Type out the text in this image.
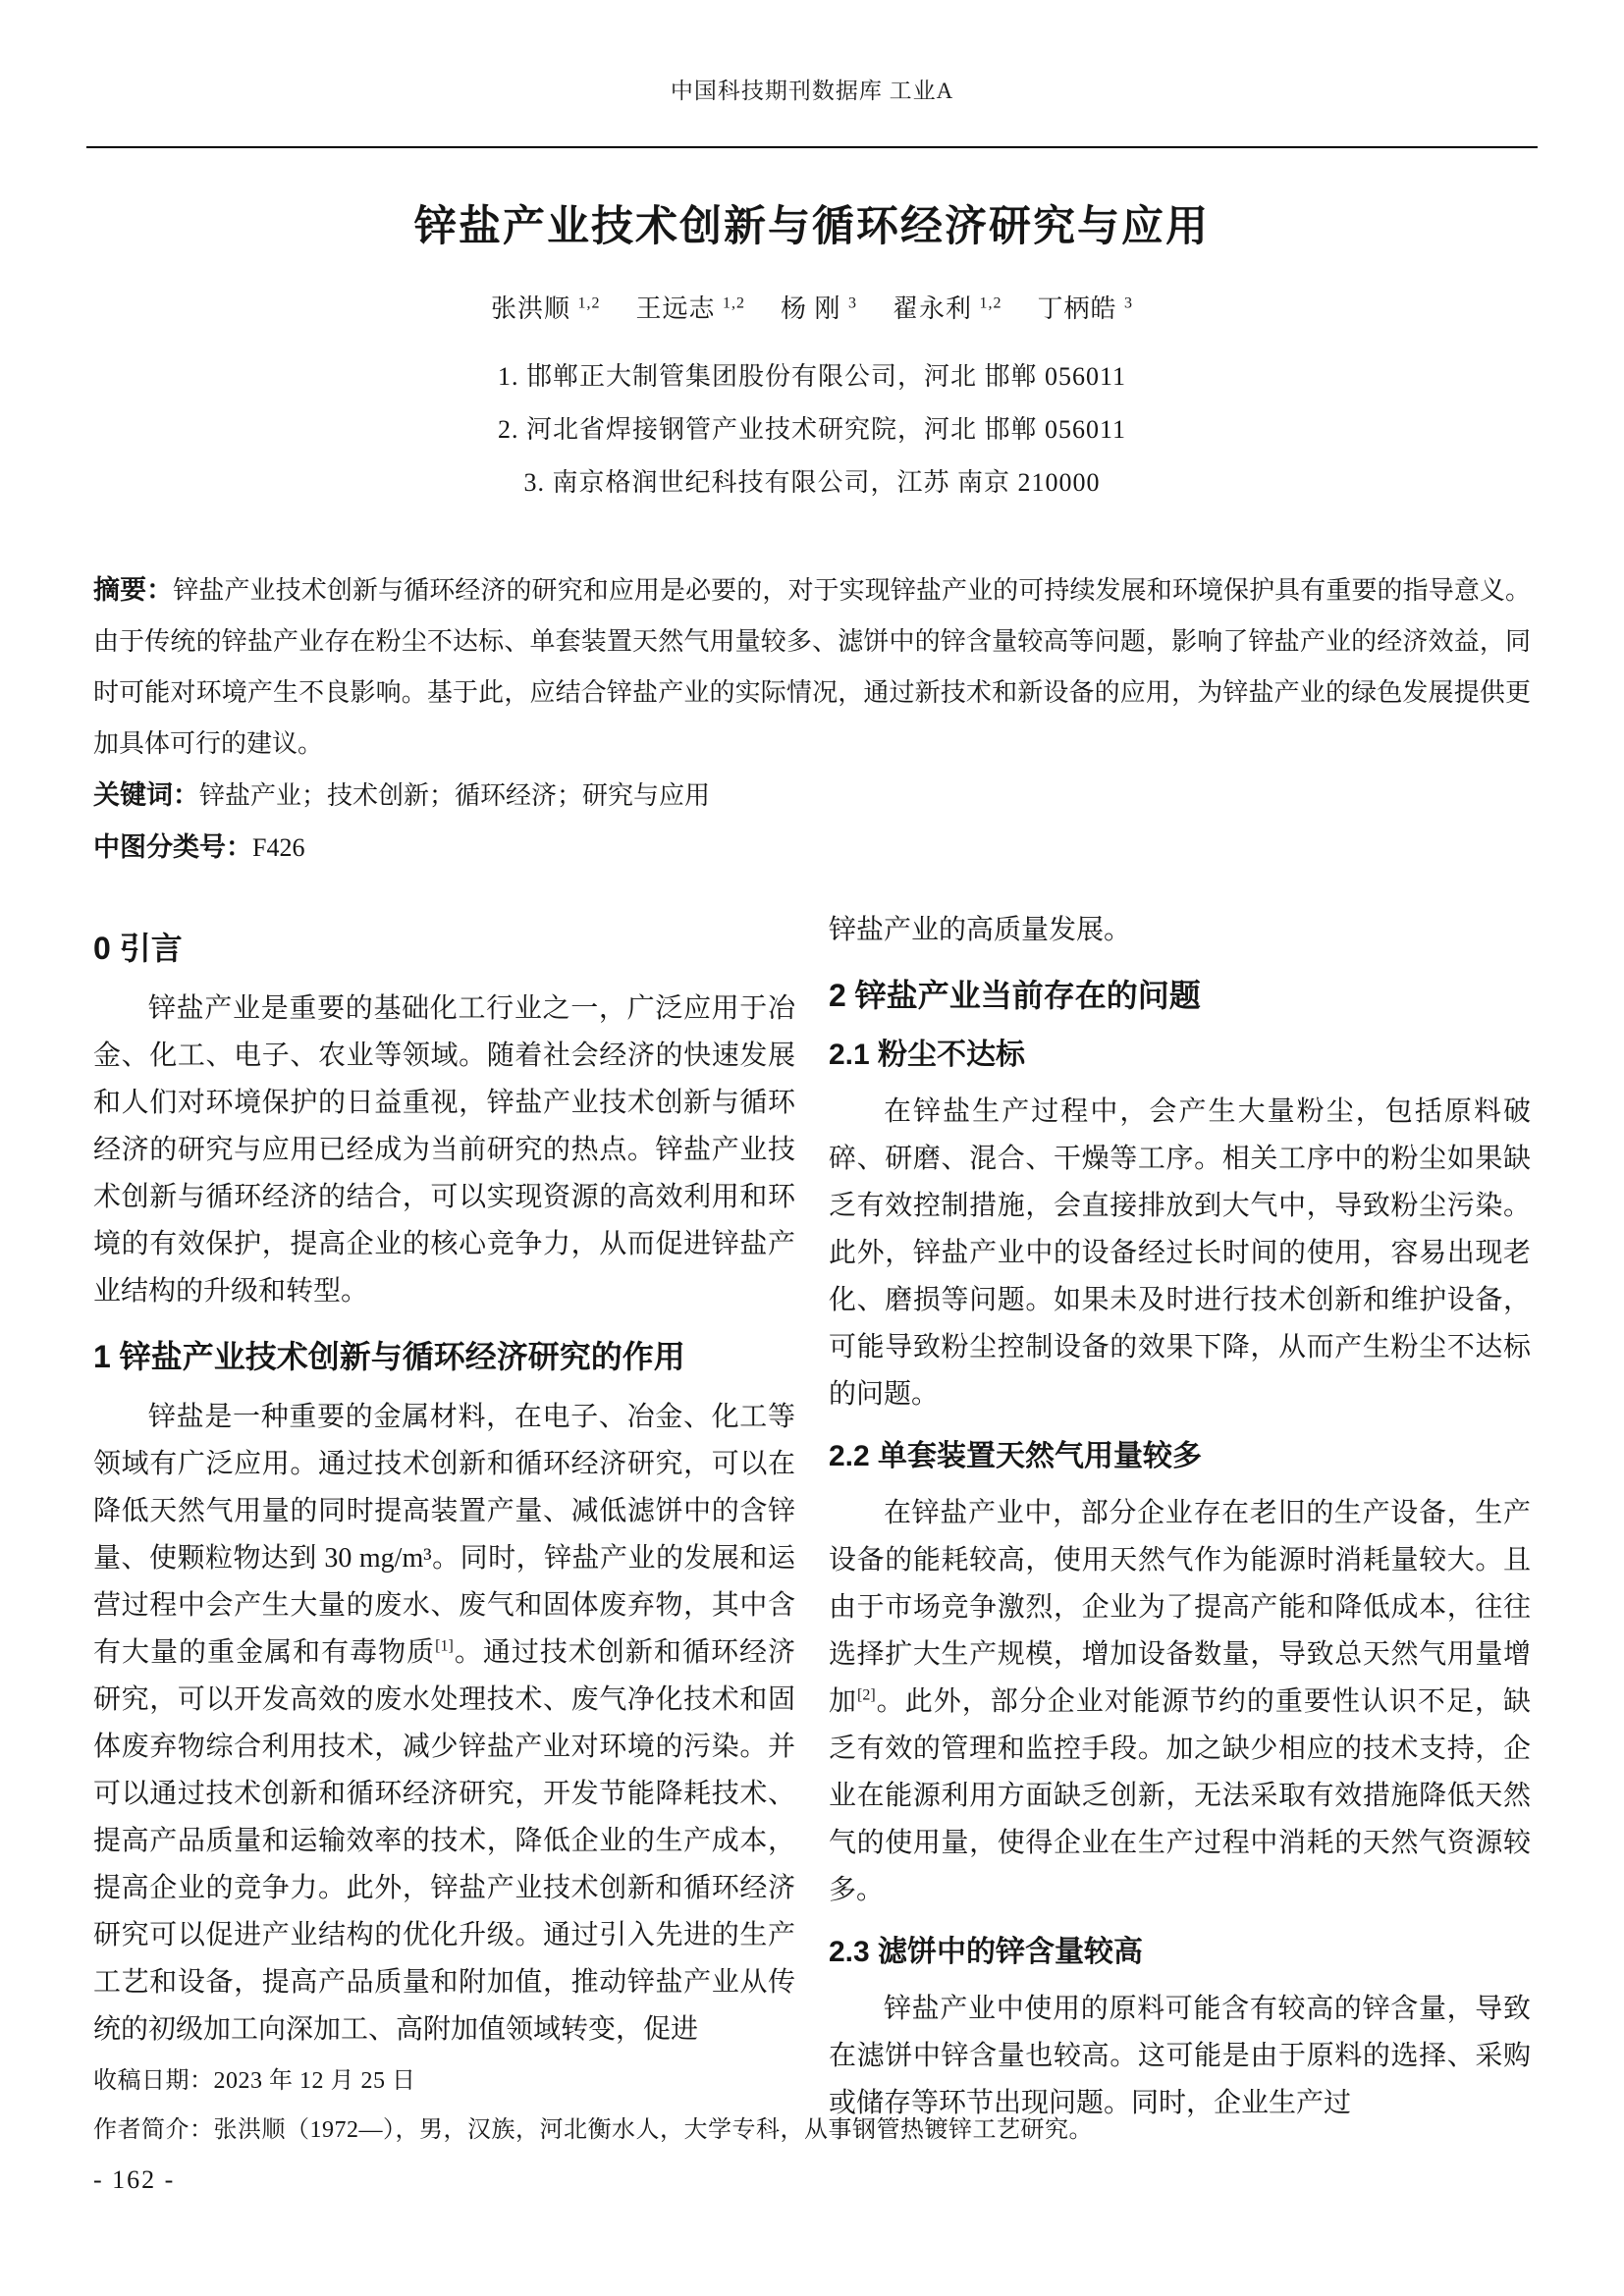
中国科技期刊数据库 工业A
锌盐产业技术创新与循环经济研究与应用
张洪顺 $^{1,2}$ 王远志 $^{1,2}$ 杨 刚 $^3$ 翟永利 $^{1,2}$ 丁柄皓 $^3$
1. 邯郸正大制管集团股份有限公司，河北 邯郸 056011
2. 河北省焊接钢管产业技术研究院，河北 邯郸 056011
3. 南京格润世纪科技有限公司，江苏 南京 210000

摘要：锌盐产业技术创新与循环经济的研究和应用是必要的，对于实现锌盐产业的可持续发展和环境保护具有重要的指导意义。由于传统的锌盐产业存在粉尘不达标、单套装置天然气用量较多、滤饼中的锌含量较高等问题，影响了锌盐产业的经济效益，同时可能对环境产生不良影响。基于此，应结合锌盐产业的实际情况，通过新技术和新设备的应用，为锌盐产业的绿色发展提供更加具体可行的建议。

关键词：锌盐产业；技术创新；循环经济；研究与应用

中图分类号：F426

0 引言

锌盐产业是重要的基础化工行业之一，广泛应用于冶金、化工、电子、农业等领域。随着社会经济的快速发展和人们对环境保护的日益重视，锌盐产业技术创新与循环经济的研究与应用已经成为当前研究的热点。锌盐产业技术创新与循环经济的结合，可以实现资源的高效利用和环境的有效保护，提高企业的核心竞争力，从而促进锌盐产业结构的升级和转型。

1 锌盐产业技术创新与循环经济研究的作用

锌盐是一种重要的金属材料，在电子、冶金、化工等领域有广泛应用。通过技术创新和循环经济研究，可以在降低天然气用量的同时提高装置产量、减低滤饼中的含锌量、使颗粒物达到 30 mg/m³。同时，锌盐产业的发展和运营过程中会产生大量的废水、废气和固体废弃物，其中含有大量的重金属和有毒物质[1]。通过技术创新和循环经济研究，可以开发高效的废水处理技术、废气净化技术和固体废弃物综合利用技术，减少锌盐产业对环境的污染。并可以通过技术创新和循环经济研究，开发节能降耗技术、提高产品质量和运输效率的技术，降低企业的生产成本，提高企业的竞争力。此外，锌盐产业技术创新和循环经济研究可以促进产业结构的优化升级。通过引入先进的生产工艺和设备，提高产品质量和附加值，推动锌盐产业从传统的初级加工向深加工、高附加值领域转变，促进

锌盐产业的高质量发展。

2 锌盐产业当前存在的问题
2.1 粉尘不达标

在锌盐生产过程中，会产生大量粉尘，包括原料破碎、研磨、混合、干燥等工序。相关工序中的粉尘如果缺乏有效控制措施，会直接排放到大气中，导致粉尘污染。此外，锌盐产业中的设备经过长时间的使用，容易出现老化、磨损等问题。如果未及时进行技术创新和维护设备，可能导致粉尘控制设备的效果下降，从而产生粉尘不达标的问题。

2.2 单套装置天然气用量较多

在锌盐产业中，部分企业存在老旧的生产设备，生产设备的能耗较高，使用天然气作为能源时消耗量较大。且由于市场竞争激烈，企业为了提高产能和降低成本，往往选择扩大生产规模，增加设备数量，导致总天然气用量增加[2]。此外，部分企业对能源节约的重要性认识不足，缺乏有效的管理和监控手段。加之缺少相应的技术支持，企业在能源利用方面缺乏创新，无法采取有效措施降低天然气的使用量，使得企业在生产过程中消耗的天然气资源较多。

2.3 滤饼中的锌含量较高

锌盐产业中使用的原料可能含有较高的锌含量，导致在滤饼中锌含量也较高。这可能是由于原料的选择、采购或储存等环节出现问题。同时，企业生产过

收稿日期：2023 年 12 月 25 日
作者简介：张洪顺（1972—），男，汉族，河北衡水人，大学专科，从事钢管热镀锌工艺研究。
- 162 -
